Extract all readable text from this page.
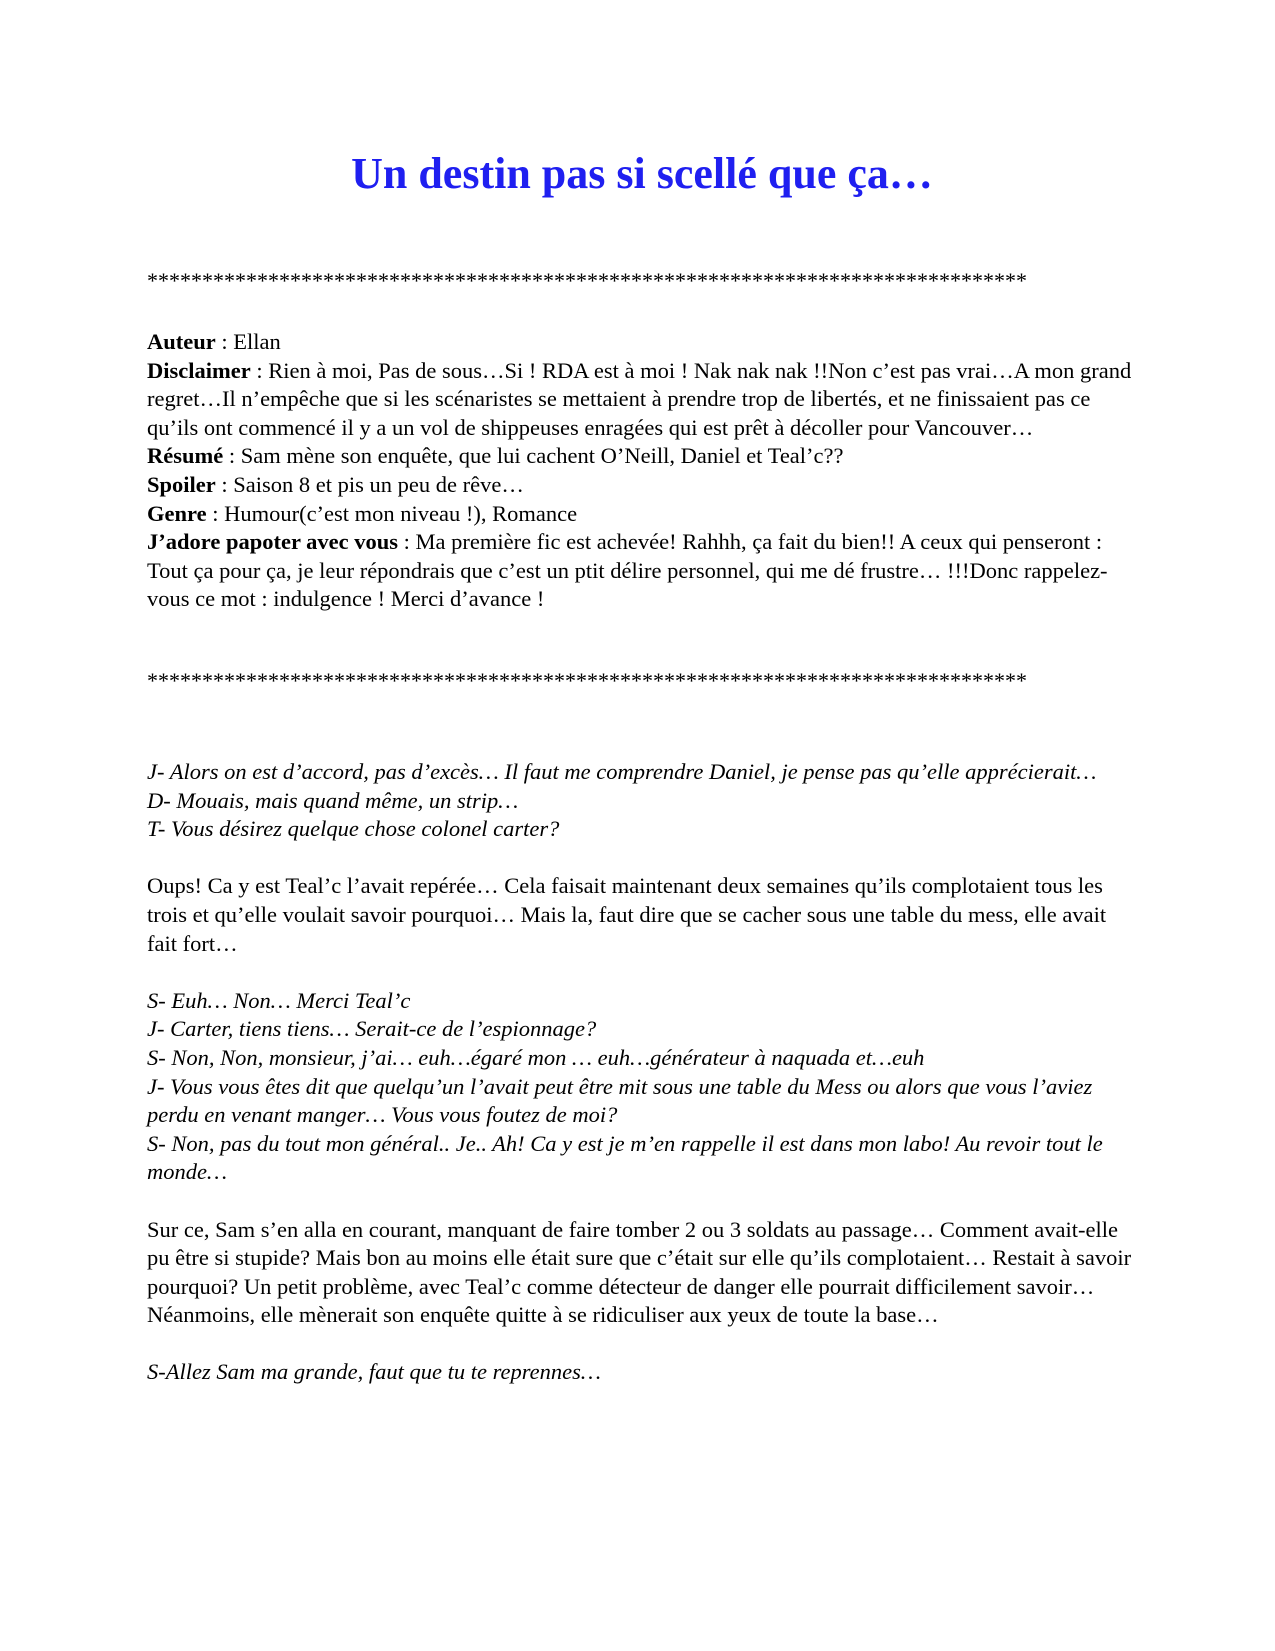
Un destin pas si scellé que ça…
********************************************************************************

Auteur : Ellan

Disclaimer : Rien à moi, Pas de sous…Si ! RDA est à moi ! Nak nak nak !!Non c’est pas vrai…A mon grand regret…Il n’empêche que si les scénaristes se mettaient à prendre trop de libertés, et ne finissaient pas ce qu’ils ont commencé il y a un vol de shippeuses enragées qui est prêt à décoller pour Vancouver…

Résumé : Sam mène son enquête, que lui cachent O’Neill, Daniel et Teal’c??

Spoiler : Saison 8 et pis un peu de rêve…

Genre : Humour(c’est mon niveau !), Romance

J’adore papoter avec vous : Ma première fic est achevée! Rahhh, ça fait du bien!! A ceux qui penseront : Tout ça pour ça, je leur répondrais que c’est un ptit délire personnel, qui me dé frustre… !!!Donc rappelez-vous ce mot : indulgence ! Merci d’avance !

********************************************************************************

J- Alors on est d’accord, pas d’excès… Il faut me comprendre Daniel, je pense pas qu’elle apprécierait…

D- Mouais, mais quand même, un strip…

T- Vous désirez quelque chose colonel carter?

Oups! Ca y est Teal’c l’avait repérée… Cela faisait maintenant deux semaines qu’ils complotaient tous les trois et qu’elle voulait savoir pourquoi… Mais la, faut dire que se cacher sous une table du mess, elle avait fait fort…

S- Euh… Non… Merci Teal’c

J- Carter, tiens tiens… Serait-ce de l’espionnage?

S- Non, Non, monsieur, j’ai… euh…égaré mon … euh…générateur à naquada et…euh

J- Vous vous êtes dit que quelqu’un l’avait peut être mit sous une table du Mess ou alors que vous l’aviez perdu en venant manger… Vous vous foutez de moi?

S- Non, pas du tout mon général.. Je.. Ah! Ca y est je m’en rappelle il est dans mon labo! Au revoir tout le monde…

Sur ce, Sam s’en alla en courant, manquant de faire tomber 2 ou 3 soldats au passage… Comment avait-elle pu être si stupide? Mais bon au moins elle était sure que c’était sur elle qu’ils complotaient… Restait à savoir pourquoi? Un petit problème, avec Teal’c comme détecteur de danger elle pourrait difficilement savoir…Néanmoins, elle mènerait son enquête quitte à se ridiculiser aux yeux de toute la base…

S-Allez Sam ma grande, faut que tu te reprennes…
